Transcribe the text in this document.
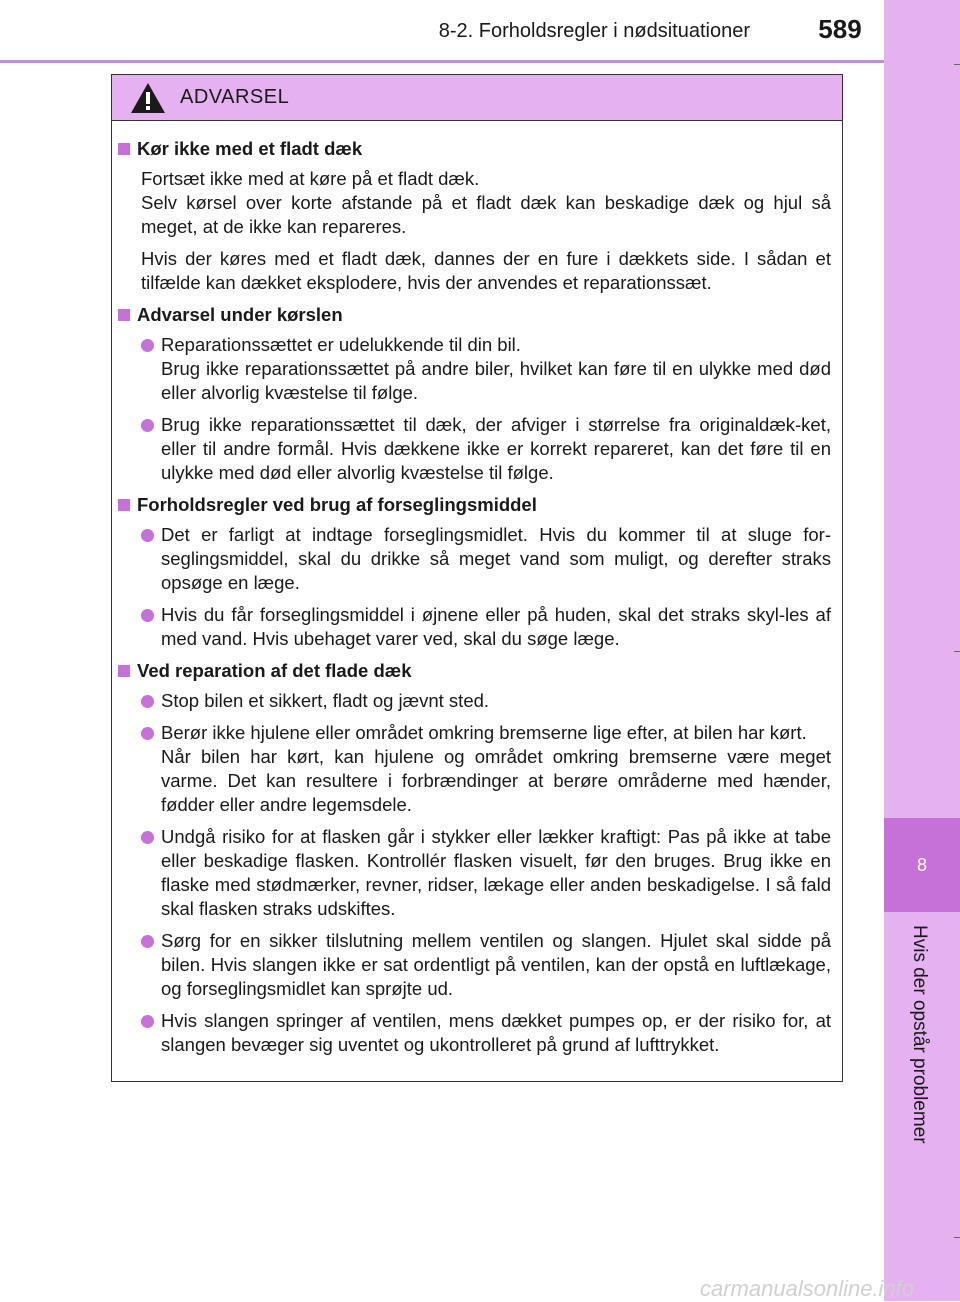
8-2. Forholdsregler i nødsituationer	589
8
Hvis der opstår problemer
ADVARSEL
Kør ikke med et fladt dæk
Fortsæt ikke med at køre på et fladt dæk.
Selv kørsel over korte afstande på et fladt dæk kan beskadige dæk og hjul så meget, at de ikke kan repareres.
Hvis der køres med et fladt dæk, dannes der en fure i dækkets side. I sådan et tilfælde kan dækket eksplodere, hvis der anvendes et reparationssæt.
Advarsel under kørslen
Reparationssættet er udelukkende til din bil.
Brug ikke reparationssættet på andre biler, hvilket kan føre til en ulykke med død eller alvorlig kvæstelse til følge.
Brug ikke reparationssættet til dæk, der afviger i størrelse fra originaldæk-ket, eller til andre formål. Hvis dækkene ikke er korrekt repareret, kan det føre til en ulykke med død eller alvorlig kvæstelse til følge.
Forholdsregler ved brug af forseglingsmiddel
Det er farligt at indtage forseglingsmidlet. Hvis du kommer til at sluge for-seglingsmiddel, skal du drikke så meget vand som muligt, og derefter straks opsøge en læge.
Hvis du får forseglingsmiddel i øjnene eller på huden, skal det straks skyl-les af med vand. Hvis ubehaget varer ved, skal du søge læge.
Ved reparation af det flade dæk
Stop bilen et sikkert, fladt og jævnt sted.
Berør ikke hjulene eller området omkring bremserne lige efter, at bilen har kørt.
Når bilen har kørt, kan hjulene og området omkring bremserne være meget varme. Det kan resultere i forbrændinger at berøre områderne med hænder, fødder eller andre legemsdele.
Undgå risiko for at flasken går i stykker eller lækker kraftigt: Pas på ikke at tabe eller beskadige flasken. Kontrollér flasken visuelt, før den bruges. Brug ikke en flaske med stødmærker, revner, ridser, lækage eller anden beskadigelse. I så fald skal flasken straks udskiftes.
Sørg for en sikker tilslutning mellem ventilen og slangen. Hjulet skal sidde på bilen. Hvis slangen ikke er sat ordentligt på ventilen, kan der opstå en luftlækage, og forseglingsmidlet kan sprøjte ud.
Hvis slangen springer af ventilen, mens dækket pumpes op, er der risiko for, at slangen bevæger sig uventet og ukontrolleret på grund af lufttrykket.
carmanualsonline.info
